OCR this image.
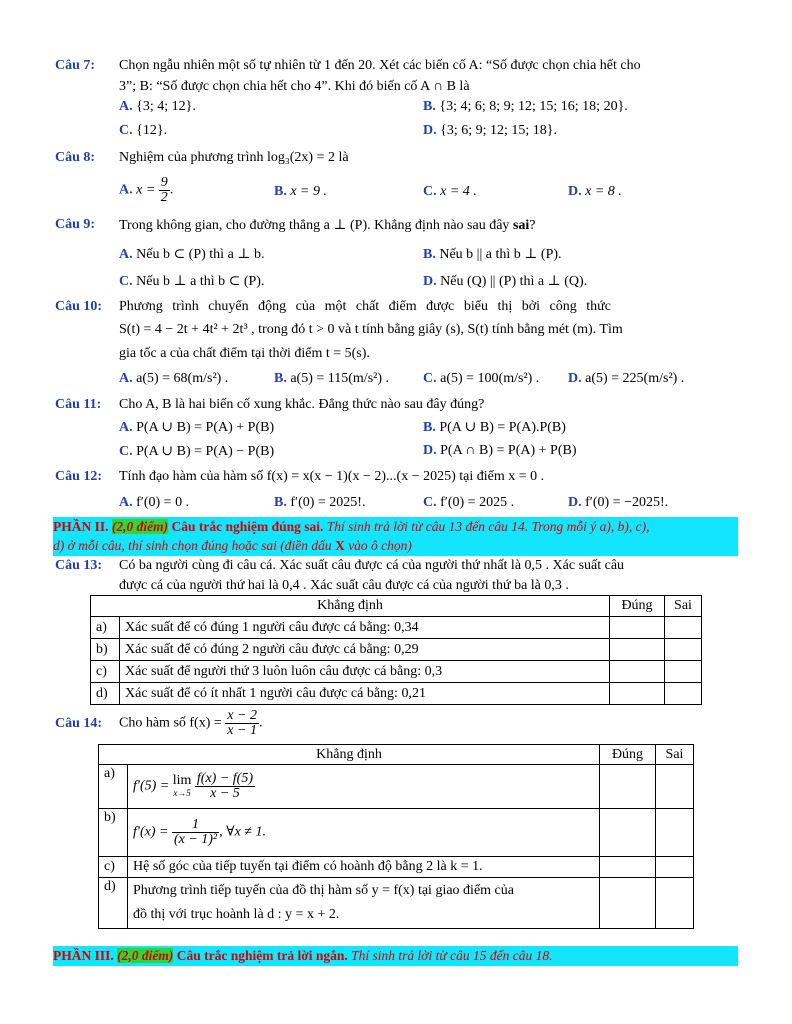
Câu 7: Chọn ngẫu nhiên một số tự nhiên từ 1 đến 20. Xét các biến cố A: “Số được chọn chia hết cho
3”; B: “Số được chọn chia hết cho 4”. Khi đó biến cố A ∩ B là
A. {3; 4; 12}.	B. {3; 4; 6; 8; 9; 12; 15; 16; 18; 20}.
C. {12}.	D. {3; 6; 9; 12; 15; 18}.
Câu 8: Nghiệm của phương trình log₃(2x) = 2 là
A. $x = \frac{9}{2}$ .	B. x = 9 .	C. x = 4 .	D. x = 8 .
Câu 9: Trong không gian, cho đường thẳng a ⊥ (P). Khẳng định nào sau đây sai?
A. Nếu b ⊂ (P) thì a ⊥ b.	B. Nếu b || a thì b ⊥ (P).
C. Nếu b ⊥ a thì b ⊂ (P).	D. Nếu (Q) || (P) thì a ⊥ (Q).
Câu 10: Phương trình chuyển động của một chất điểm được biểu thị bởi công thức
S(t) = 4 − 2t + 4t² + 2t³ , trong đó t > 0 và t tính bằng giây (s), S(t) tính bằng mét (m). Tìm
gia tốc a của chất điểm tại thời điểm t = 5(s).
A. a(5) = 68(m/s²) .	B. a(5) = 115(m/s²) . C. a(5) = 100(m/s²) . D. a(5) = 225(m/s²) .
Câu 11: Cho A, B là hai biến cố xung khắc. Đẳng thức nào sau đây đúng?
A. P(A ∪ B) = P(A) + P(B)	B. P(A ∪ B) = P(A).P(B)
C. P(A ∪ B) = P(A) − P(B)	D. P(A ∩ B) = P(A) + P(B)
Câu 12: Tính đạo hàm của hàm số f(x) = x(x − 1)(x − 2)...(x − 2025) tại điểm x = 0 .
A. f′(0) = 0 .	B. f′(0) = 2025!.	C. f′(0) = 2025 .	D. f′(0) = −2025!.
PHẦN II. (2,0 điểm) Câu trắc nghiệm đúng sai. Thí sinh trả lời từ câu 13 đến câu 14. Trong mỗi ý a), b), c),
d) ở mỗi câu, thí sinh chọn đúng hoặc sai (điền dấu X vào ô chọn)
Câu 13: Có ba người cùng đi câu cá. Xác suất câu được cá của người thứ nhất là 0,5 . Xác suất câu
được cá của người thứ hai là 0,4 . Xác suất câu được cá của người thứ ba là 0,3 .
Khẳng định		Đúng	Sai
a)	Xác suất để có đúng 1 người câu được cá bằng: 0,34		
b)	Xác suất để có đúng 2 người câu được cá bằng: 0,29		
c)	Xác suất để người thứ 3 luôn luôn câu được cá bằng: 0,3		
d)	Xác suất để có ít nhất 1 người câu được cá bằng: 0,21		
Câu 14: Cho hàm số $f(x) = \frac{x - 2}{x - 1}$ .
Khẳng định		Đúng	Sai
a)	f′(5) = lim
x→5
$\frac{f(x) - f(5)}{x - 5}$

b)	$f'(x) = \frac{1}{\text{(x − 1)²}}$ , ∀x ≠ 1.		
c)	Hệ số góc của tiếp tuyến tại điểm có hoành độ bằng 2 là k = 1.		
d)	Phương trình tiếp tuyến của đồ thị hàm số y = f(x) tại giao điểm của
đồ thị với trục hoành là d : y = x + 2.		

PHẦN III. (2,0 điểm) Câu trắc nghiệm trả lời ngắn. Thí sinh trả lời từ câu 15 đến câu 18.
